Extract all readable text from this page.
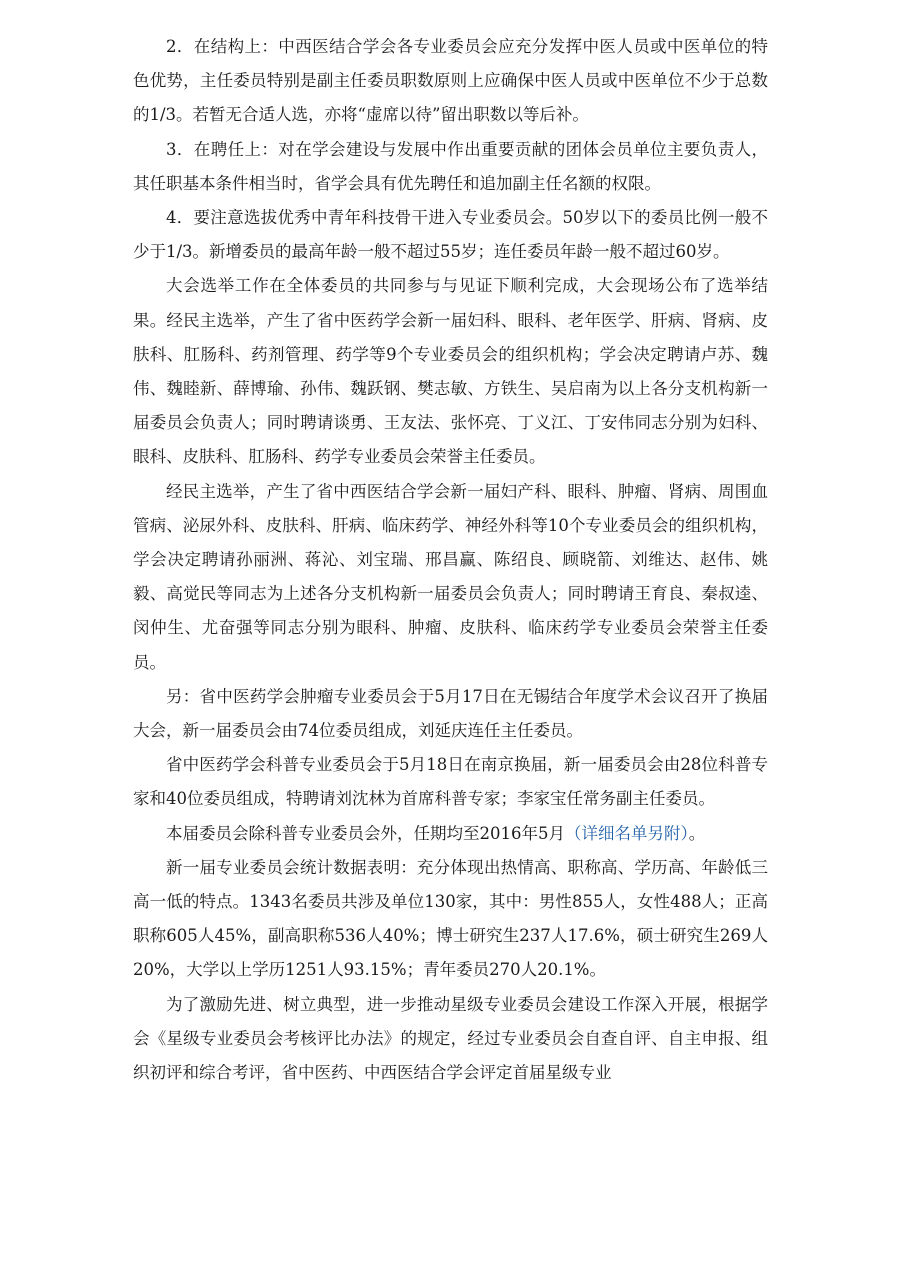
2．在结构上：中西医结合学会各专业委员会应充分发挥中医人员或中医单位的特色优势，主任委员特别是副主任委员职数原则上应确保中医人员或中医单位不少于总数的1/3。若暂无合适人选，亦将“虚席以待”留出职数以等后补。

3．在聘任上：对在学会建设与发展中作出重要贡献的团体会员单位主要负责人，其任职基本条件相当时，省学会具有优先聘任和追加副主任名额的权限。

4．要注意选拔优秀中青年科技骨干进入专业委员会。50岁以下的委员比例一般不少于1/3。新增委员的最高年龄一般不超过55岁；连任委员年龄一般不超过60岁。

大会选举工作在全体委员的共同参与与见证下顺利完成，大会现场公布了选举结果。经民主选举，产生了省中医药学会新一届妇科、眼科、老年医学、肝病、肾病、皮肤科、肛肠科、药剂管理、药学等9个专业委员会的组织机构；学会决定聘请卢苏、魏伟、魏睦新、薛博瑜、孙伟、魏跃钢、樊志敏、方铁生、吴启南为以上各分支机构新一届委员会负责人；同时聘请谈勇、王友法、张怀亮、丁义江、丁安伟同志分别为妇科、眼科、皮肤科、肛肠科、药学专业委员会荣誉主任委员。

经民主选举，产生了省中西医结合学会新一届妇产科、眼科、肿瘤、肾病、周围血管病、泌尿外科、皮肤科、肝病、临床药学、神经外科等10个专业委员会的组织机构，学会决定聘请孙丽洲、蒋沁、刘宝瑞、邢昌赢、陈绍良、顾晓箭、刘维达、赵伟、姚毅、高觉民等同志为上述各分支机构新一届委员会负责人；同时聘请王育良、秦叔逵、闵仲生、尤奋强等同志分别为眼科、肿瘤、皮肤科、临床药学专业委员会荣誉主任委员。

另：省中医药学会肿瘤专业委员会于5月17日在无锡结合年度学术会议召开了换届大会，新一届委员会由74位委员组成，刘延庆连任主任委员。

省中医药学会科普专业委员会于5月18日在南京换届，新一届委员会由28位科普专家和40位委员组成，特聘请刘沈林为首席科普专家；李家宝任常务副主任委员。

本届委员会除科普专业委员会外，任期均至2016年5月（详细名单另附）。

新一届专业委员会统计数据表明：充分体现出热情高、职称高、学历高、年龄低三高一低的特点。1343名委员共涉及单位130家，其中：男性855人，女性488人；正高职称605人45%，副高职称536人40%；博士研究生237人17.6%，硕士研究生269人20%，大学以上学历1251人93.15%；青年委员270人20.1%。

为了激励先进、树立典型，进一步推动星级专业委员会建设工作深入开展，根据学会《星级专业委员会考核评比办法》的规定，经过专业委员会自查自评、自主申报、组织初评和综合考评，省中医药、中西医结合学会评定首届星级专业
